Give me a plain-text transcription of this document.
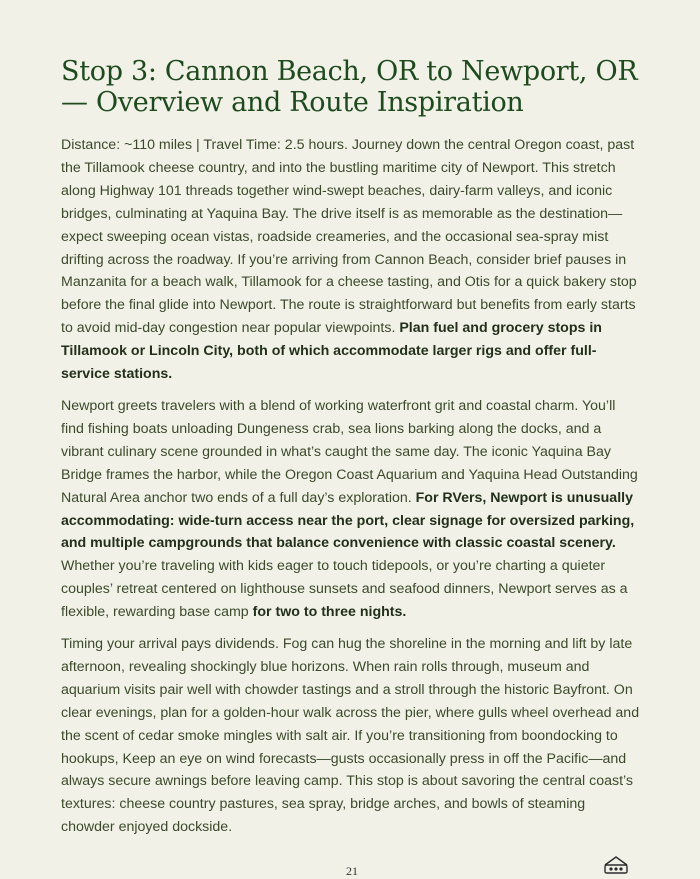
Stop 3: Cannon Beach, OR to Newport, OR — Overview and Route Inspiration

Distance: ~110 miles | Travel Time: 2.5 hours. Journey down the central Oregon coast, past the Tillamook cheese country, and into the bustling maritime city of Newport. This stretch along Highway 101 threads together wind-swept beaches, dairy-farm valleys, and iconic bridges, culminating at Yaquina Bay. The drive itself is as memorable as the destination—expect sweeping ocean vistas, roadside creameries, and the occasional sea-spray mist drifting across the roadway. If you’re arriving from Cannon Beach, consider brief pauses in Manzanita for a beach walk, Tillamook for a cheese tasting, and Otis for a quick bakery stop before the final glide into Newport. The route is straightforward but benefits from early starts to avoid mid-day congestion near popular viewpoints. Plan fuel and grocery stops in Tillamook or Lincoln City, both of which accommodate larger rigs and offer full-service stations.

Newport greets travelers with a blend of working waterfront grit and coastal charm. You’ll find fishing boats unloading Dungeness crab, sea lions barking along the docks, and a vibrant culinary scene grounded in what’s caught the same day. The iconic Yaquina Bay Bridge frames the harbor, while the Oregon Coast Aquarium and Yaquina Head Outstanding Natural Area anchor two ends of a full day’s exploration. For RVers, Newport is unusually accommodating: wide-turn access near the port, clear signage for oversized parking, and multiple campgrounds that balance convenience with classic coastal scenery. Whether you’re traveling with kids eager to touch tidepools, or you’re charting a quieter couples’ retreat centered on lighthouse sunsets and seafood dinners, Newport serves as a flexible, rewarding base camp for two to three nights.

Timing your arrival pays dividends. Fog can hug the shoreline in the morning and lift by late afternoon, revealing shockingly blue horizons. When rain rolls through, museum and aquarium visits pair well with chowder tastings and a stroll through the historic Bayfront. On clear evenings, plan for a golden-hour walk across the pier, where gulls wheel overhead and the scent of cedar smoke mingles with salt air. If you’re transitioning from boondocking to hookups, Keep an eye on wind forecasts—gusts occasionally press in off the Pacific—and always secure awnings before leaving camp. This stop is about savoring the central coast’s textures: cheese country pastures, sea spray, bridge arches, and bowls of steaming chowder enjoyed dockside.

21
